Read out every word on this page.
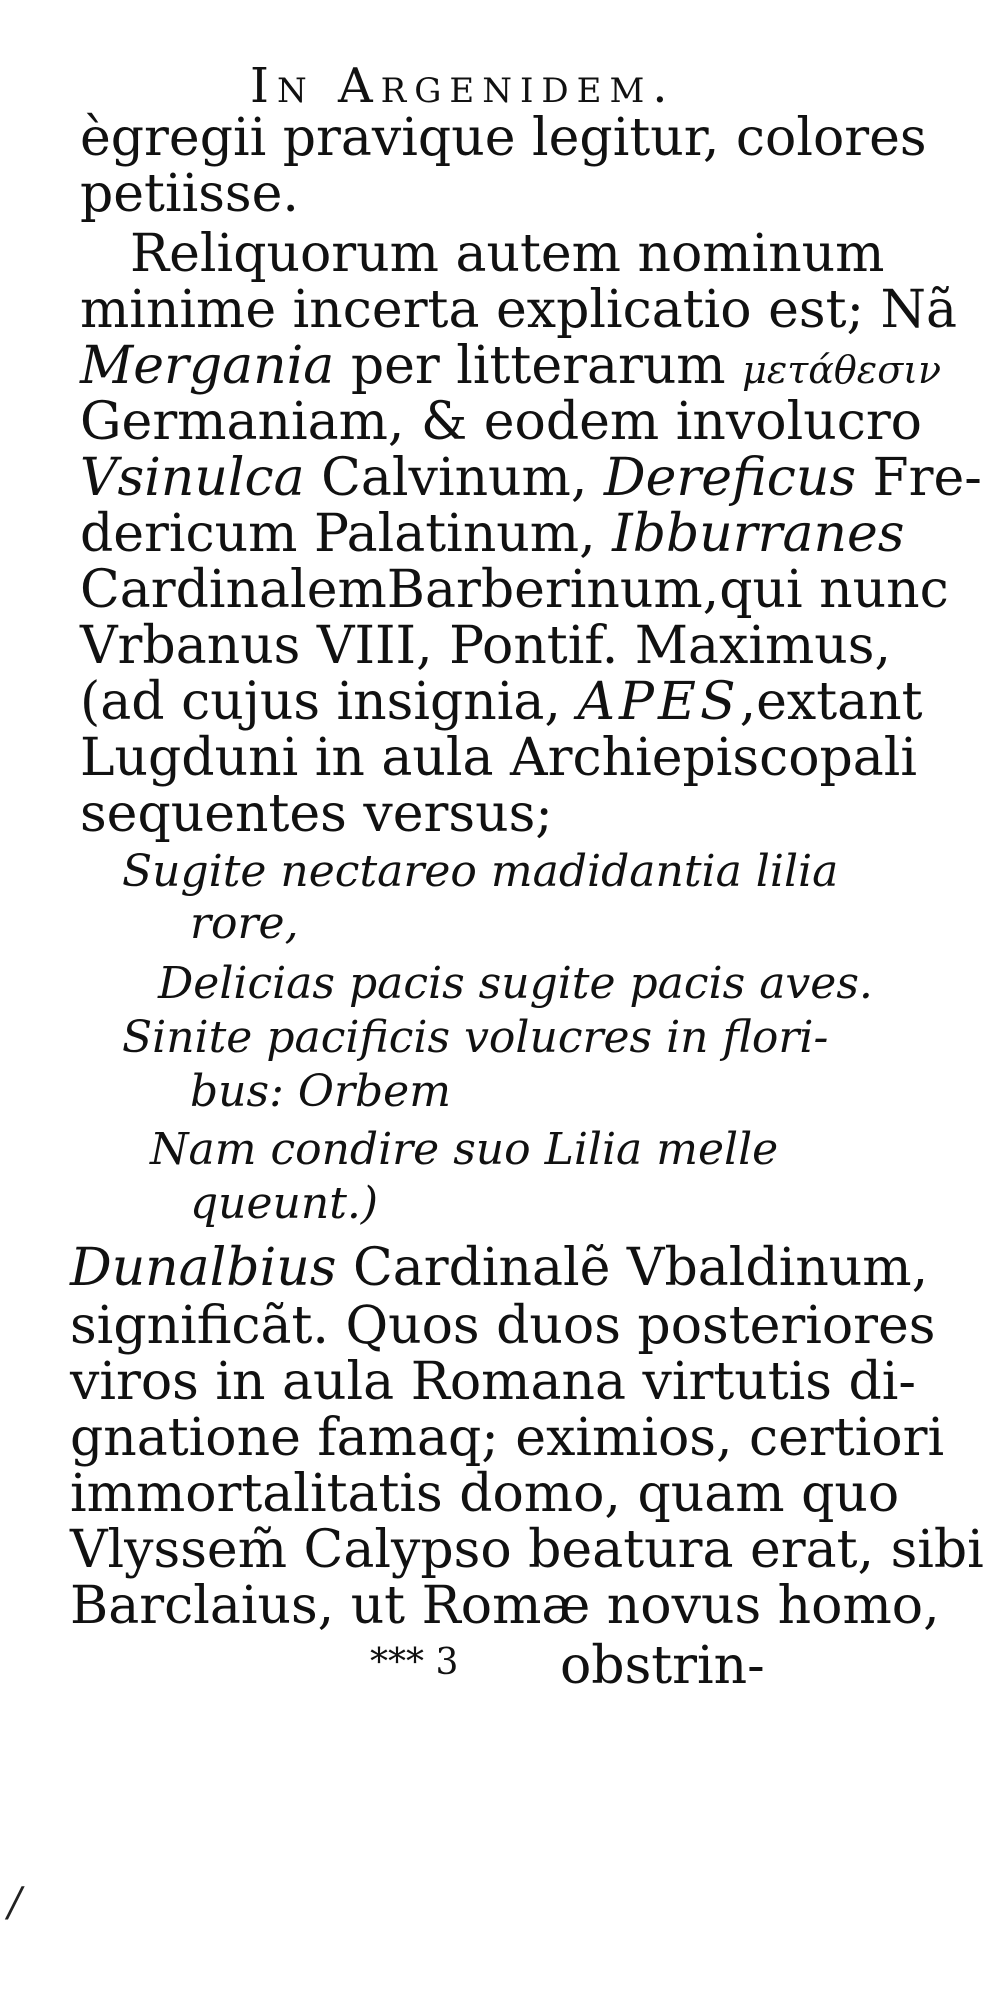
In Argenidem.
ègregii pravique legitur, colores
petiisse.
Reliquorum autem nominum
minime incerta explicatio est; Nã
Mergania per litterarum μετάθεσιν
Germaniam, & eodem involucro
Vsinulca Calvinum, Dereficus Fre-
dericum Palatinum, Ibburranes
CardinalemBarberinum,qui nunc
Vrbanus VIII, Pontif. Maximus,
(ad cujus insignia, APES,extant
Lugduni in aula Archiepiscopali
sequentes versus;
Sugite nectareo madidantia lilia
rore,
Delicias pacis sugite pacis aves.
Sinite pacificis volucres in flori-
bus: Orbem
Nam condire suo Lilia melle
queunt.)
Dunalbius Cardinalẽ Vbaldinum,
significãt. Quos duos posteriores
viros in aula Romana virtutis di-
gnatione famaq; eximios, certiori
immortalitatis domo, quam quo
Vlyssem̃ Calypso beatura erat, sibi
Barclaius, ut Romæ novus homo,
*** 3 obstrin-
/
